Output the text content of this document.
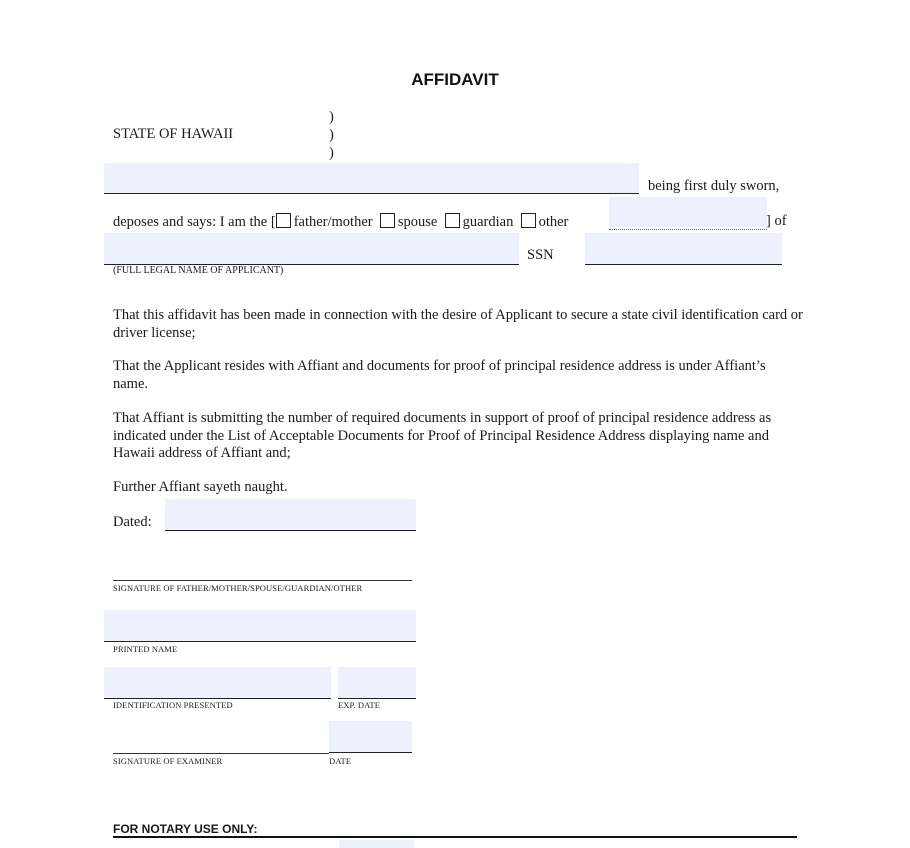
AFFIDAVIT
STATE OF HAWAII
)
)
)
being first duly sworn,
deposes and says: I am the [ father/mother spouse guardian other	] of
SSN
(FULL LEGAL NAME OF APPLICANT)
That this affidavit has been made in connection with the desire of Applicant to secure a state civil identification card or driver license;
That the Applicant resides with Affiant and documents for proof of principal residence address is under Affiant’s name.
That Affiant is submitting the number of required documents in support of proof of principal residence address as indicated under the List of Acceptable Documents for Proof of Principal Residence Address displaying name and Hawaii address of Affiant and;
Further Affiant sayeth naught.
Dated:
SIGNATURE OF FATHER/MOTHER/SPOUSE/GUARDIAN/OTHER
PRINTED NAME
IDENTIFICATION PRESENTED	EXP. DATE
SIGNATURE OF EXAMINER	DATE
FOR NOTARY USE ONLY:
